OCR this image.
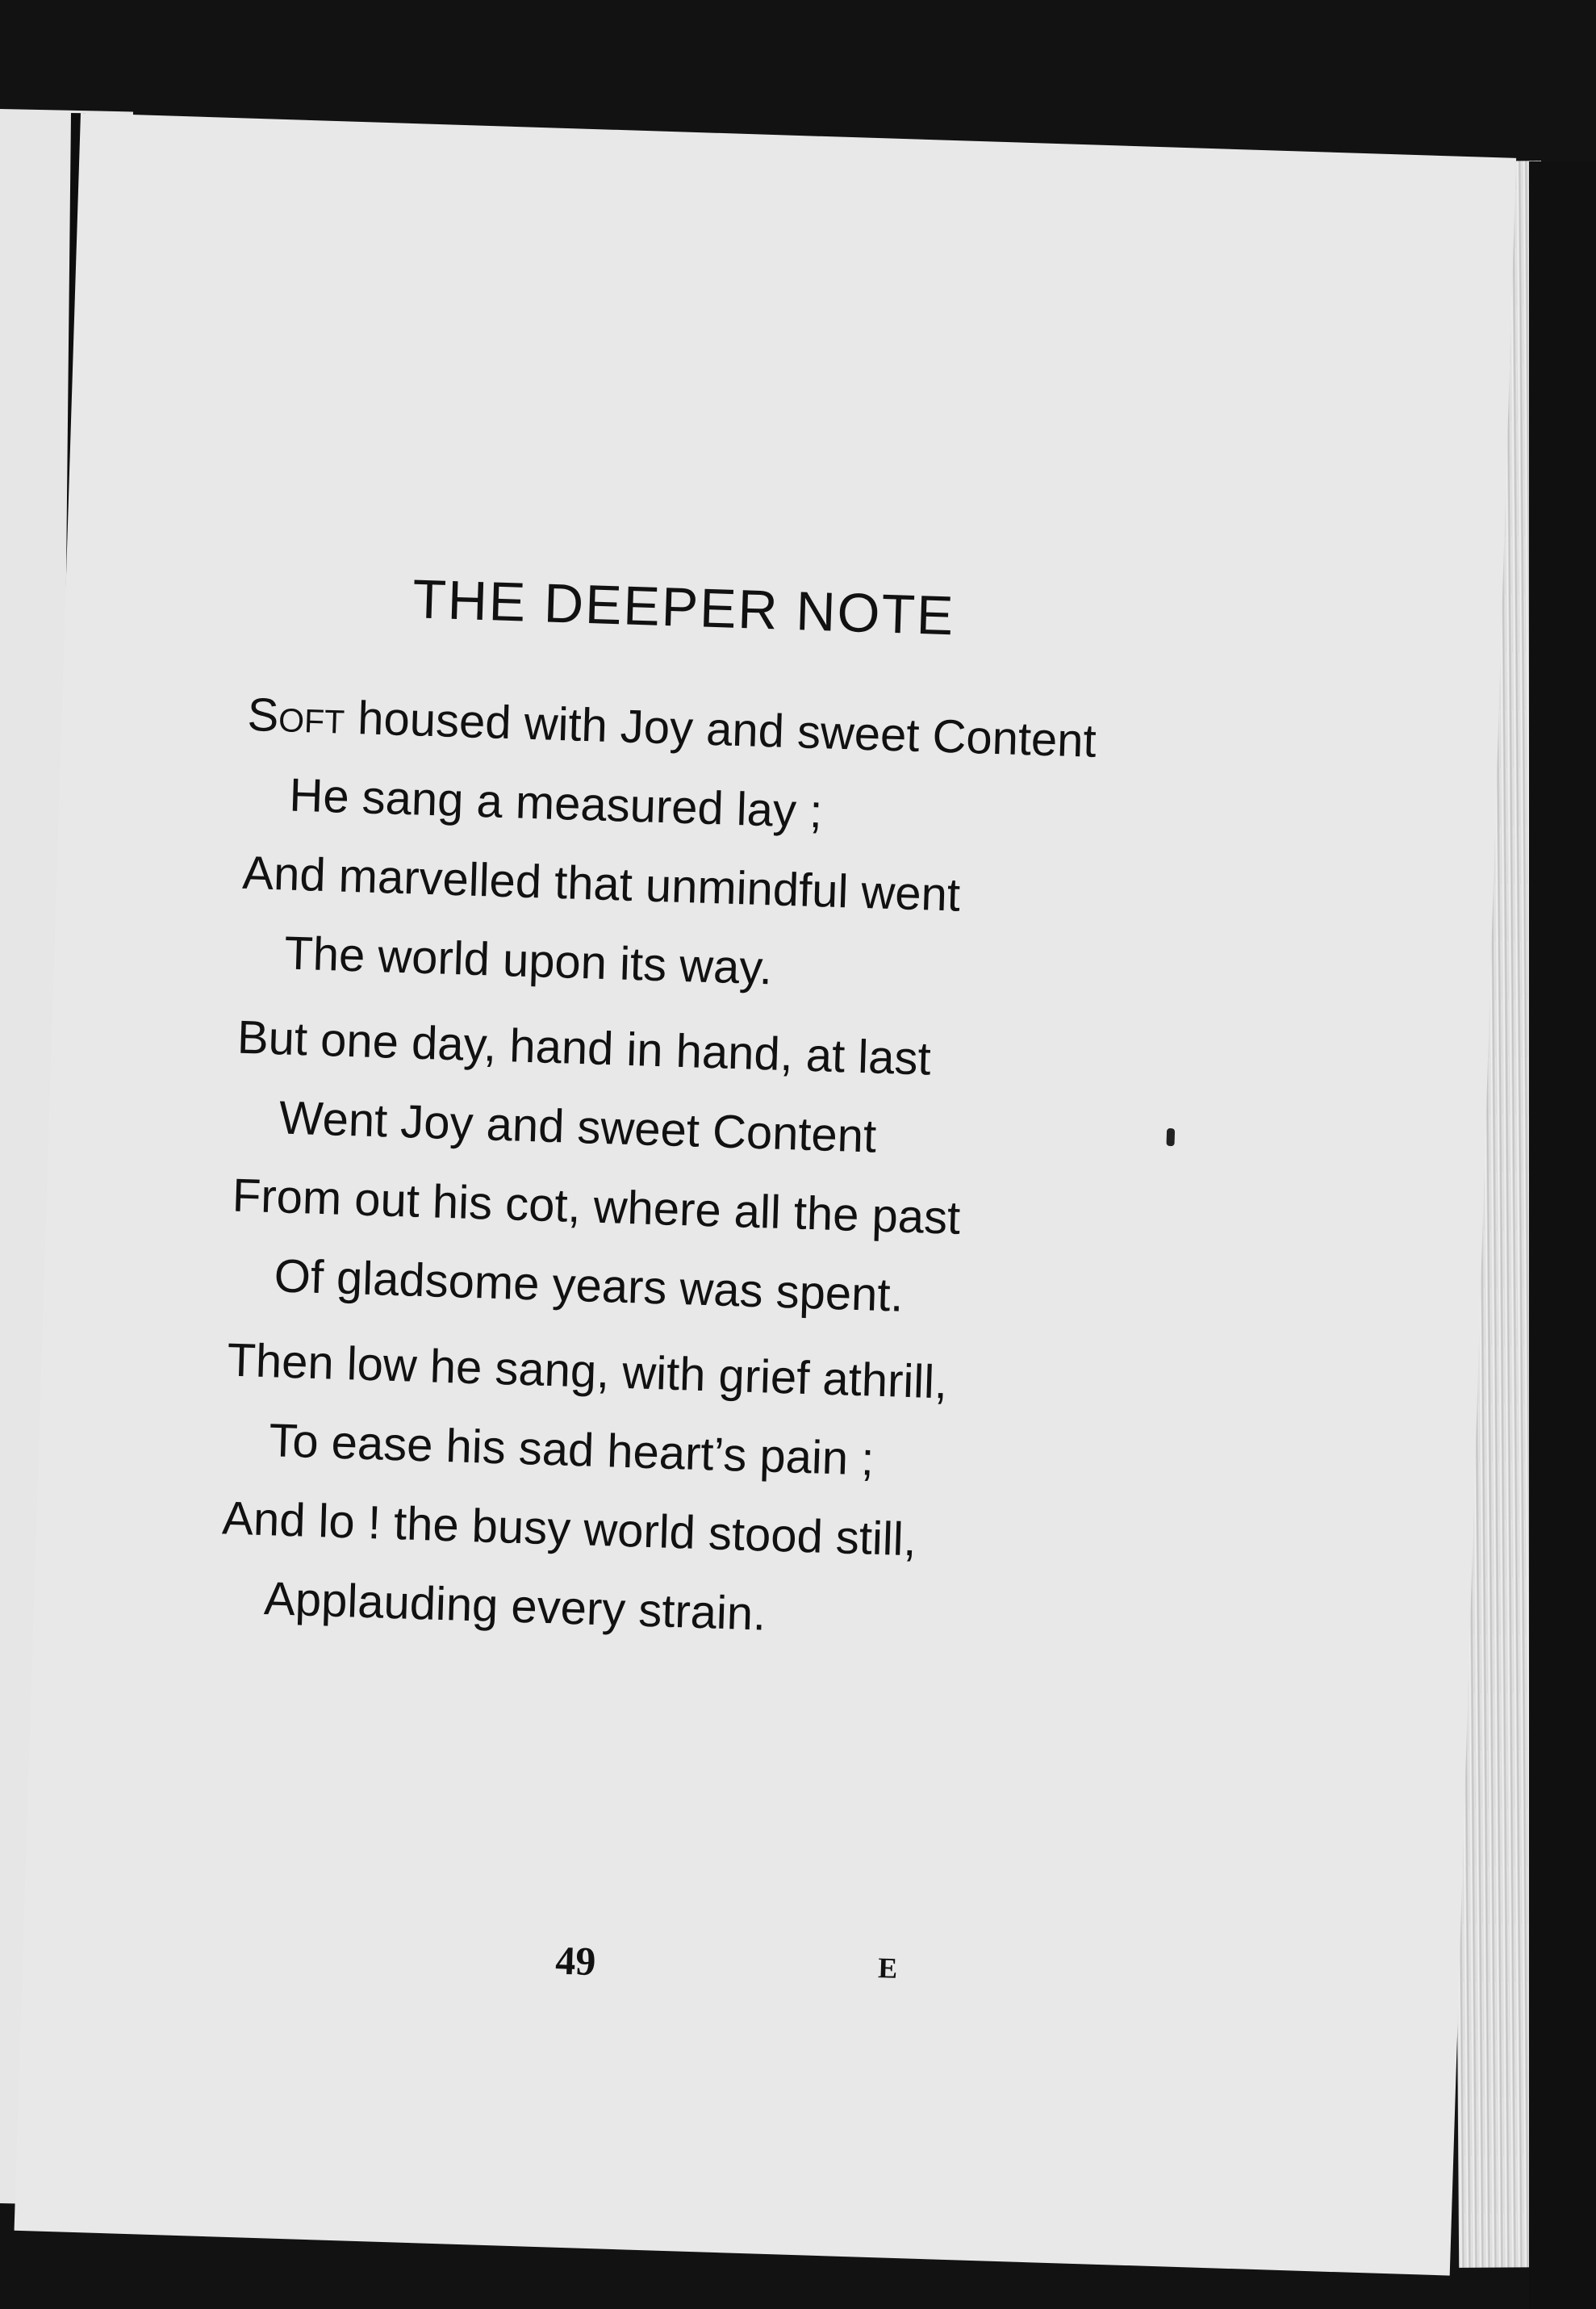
THE DEEPER NOTE
Soft housed with Joy and sweet Content
He sang a measured lay ;
And marvelled that unmindful went
The world upon its way.
But one day, hand in hand, at last
Went Joy and sweet Content
From out his cot, where all the past
Of gladsome years was spent.
Then low he sang, with grief athrill,
To ease his sad heart’s pain ;
And lo ! the busy world stood still,
Applauding every strain.
49	E
